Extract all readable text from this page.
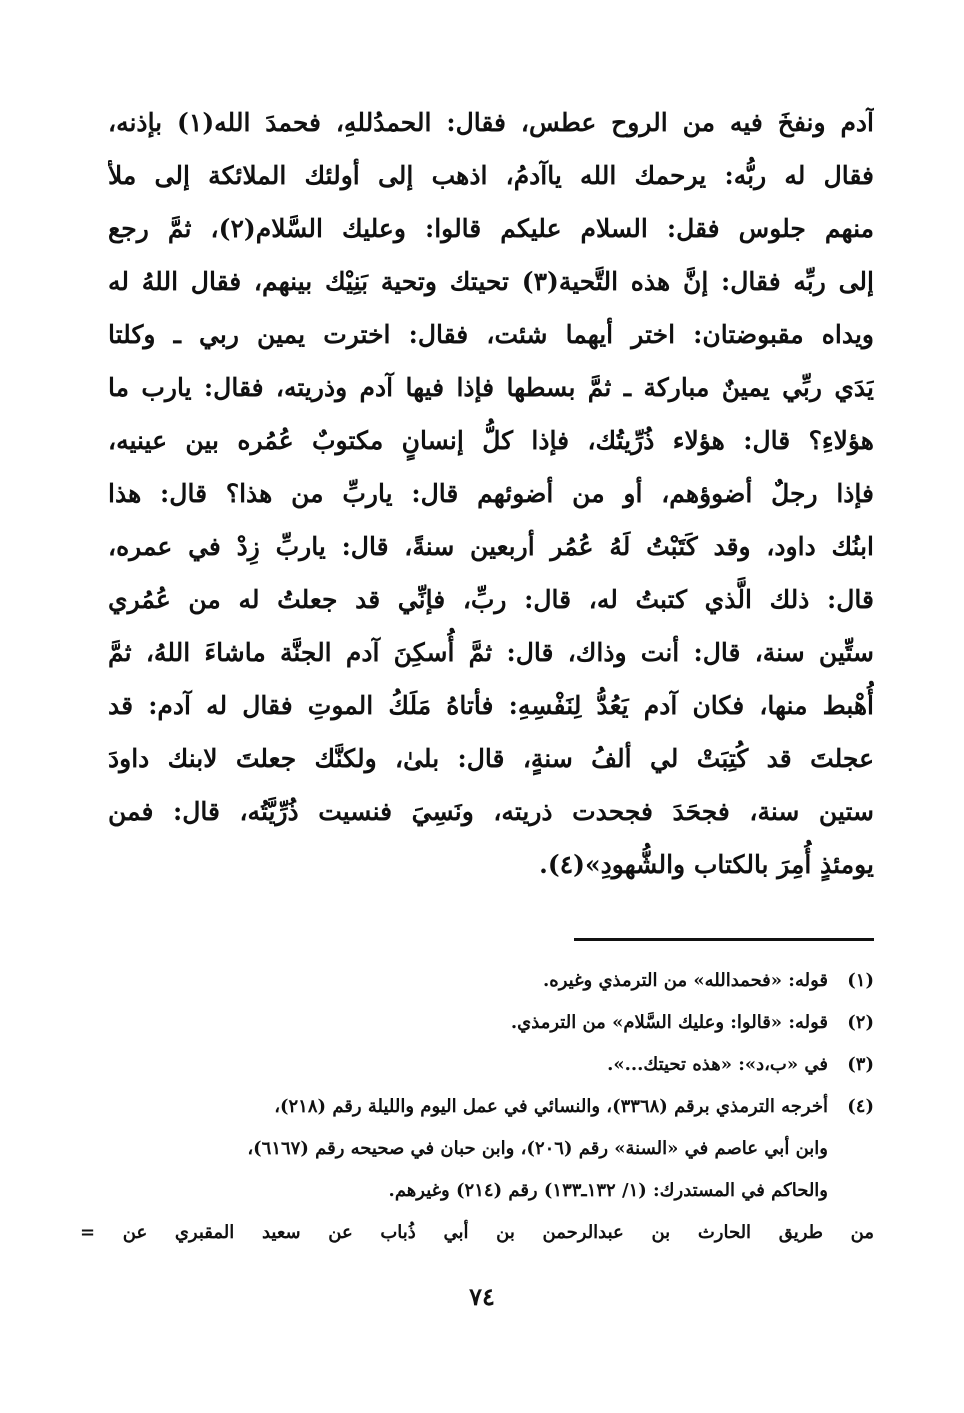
آدم ونفخَ فيه من الروح عطس، فقال: الحمدُللهِ، فحمدَ الله(١) بإذنه،
فقال له ربُّه: يرحمك الله ياآدمُ، اذهب إلى أولئك الملائكة إلى ملأ
منهم جلوس فقل: السلام عليكم قالوا: وعليك السَّلام(٢)، ثمَّ رجع
إلى ربِّه فقال: إنَّ هذه التَّحية(٣) تحيتك وتحية بَنِيْك بينهم، فقال اللهُ له
ويداه مقبوضتان: اختر أيهما شئت، فقال: اخترت يمين ربي ـ وكلتا
يَدَي ربِّي يمينٌ مباركة ـ ثمَّ بسطها فإذا فيها آدم وذريته، فقال: يارب ما
هؤلاءِ؟ قال: هؤلاء ذُرِّيتُك، فإذا كلُّ إنسانٍ مكتوبٌ عُمُره بين عينيه،
فإذا رجلٌ أضوؤهم، أو من أضوئهم قال: ياربِّ من هذا؟ قال: هذا
ابنُك داود، وقد كَتَبْتُ لَهُ عُمُر أربعين سنةً، قال: ياربِّ زِدْ في عمره،
قال: ذلك الَّذي كتبتُ له، قال: ربِّ، فإنِّي قد جعلتُ له من عُمُري
ستِّين سنة، قال: أنت وذاك، قال: ثمَّ أُسكِنَ آدم الجنَّة ماشاءَ اللهُ، ثمَّ
أُهْبط منها، فكان آدم يَعُدُّ لِنَفْسِهِ: فأتاهُ مَلَكُ الموتِ فقال له آدم: قد
عجلتَ قد كُتِبَتْ لي ألفُ سنةٍ، قال: بلىٰ، ولكنَّك جعلتَ لابنك داودَ
ستين سنة، فجحَدَ فجحدت ذريته، ونَسِيَ فنسيت ذُرِّيَّتُه، قال: فمن
يومئذٍ أُمِرَ بالكتاب والشُّهودِ»(٤).
(١)
قوله: «فحمدالله» من الترمذي وغيره.
(٢)
قوله: «قالوا: وعليك السَّلام» من الترمذي.
(٣)
في «ب،د»: «هذه تحيتك...».
(٤)
أخرجه الترمذي برقم (٣٣٦٨)، والنسائي في عمل اليوم والليلة رقم (٢١٨)،
وابن أبي عاصم في «السنة» رقم (٢٠٦)، وابن حبان في صحيحه رقم (٦١٦٧)،
والحاكم في المستدرك: (١/ ١٣٢ـ١٣٣) رقم (٢١٤) وغيرهم.
من طريق الحارث بن عبدالرحمن بن أبي ذُباب عن سعيد المقبري عن =
٧٤
